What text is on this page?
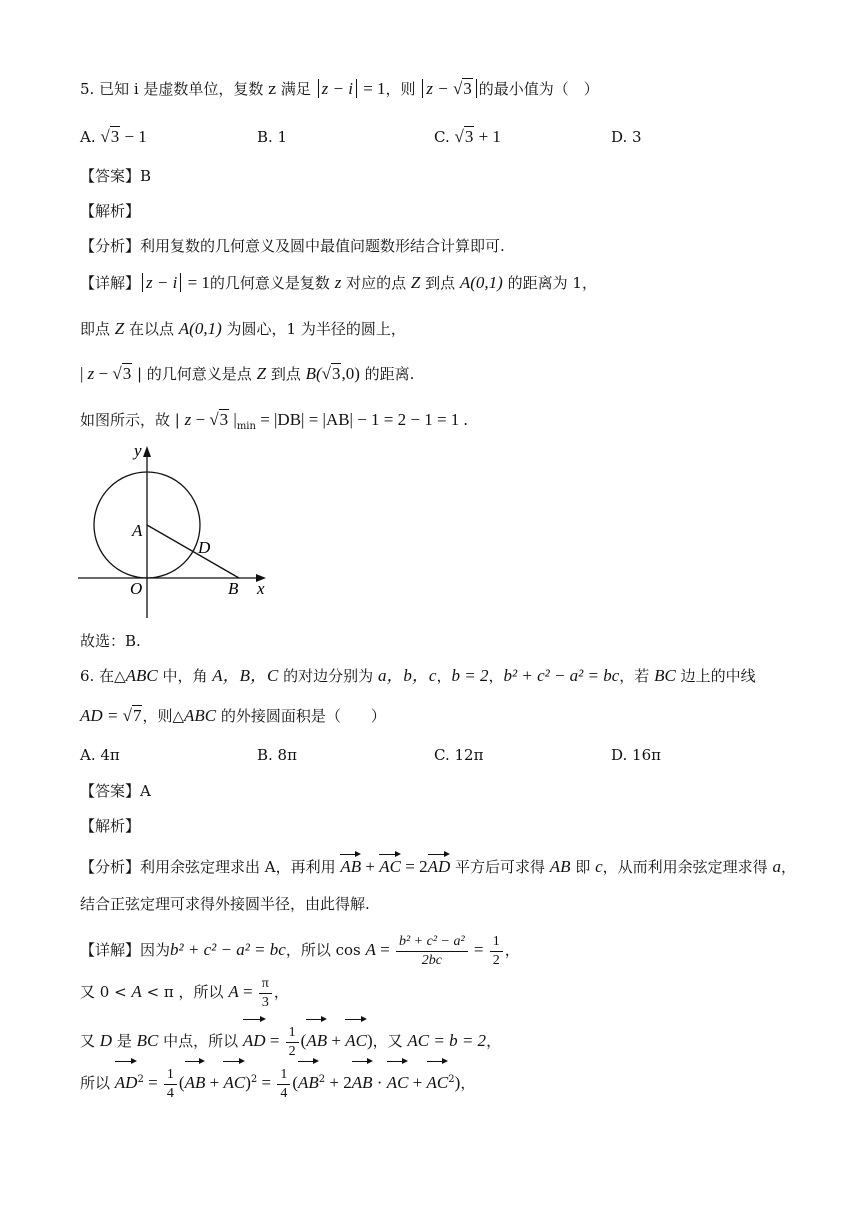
5. 已知 i 是虚数单位，复数 z 满足 z − i = 1，则 z − √3 的最小值为（　）
A. √3 − 1	B. 1	C. √3 + 1	D. 3
【答案】B
【解析】
【分析】利用复数的几何意义及圆中最值问题数形结合计算即可.
【详解】 z − i = 1的几何意义是复数 z 对应的点 Z 到点 A(0,1) 的距离为 1，
即点 Z 在以点 A(0,1) 为圆心，1 为半径的圆上，
| z − √3 | 的几何意义是点 Z 到点 B(√3,0) 的距离.
如图所示，故 | z − √3 $|_{min} = |DB| = |AB| - 1 = 2 - 1 = 1$ .
y
x
A
D
O	B
故选：B.
6. 在△ABC 中，角 A，B，C 的对边分别为 a，b，c，b = 2，b² + c² − a² = bc，若 BC 边上的中线
AD = √7，则△ABC 的外接圆面积是（　　）
A. 4π	B. 8π	C. 12π	D. 16π
【答案】A
【解析】
【分析】利用余弦定理求出 A，再利用 AB + AC = 2AD 平方后可求得 AB 即 c，从而利用余弦定理求得 a，
结合正弦定理可求得外接圆半径，由此得解.
【详解】因为b² + c² − a² = bc，所以 $\cos A = \frac{\text{b² + c² − a²}}{2bc} = \frac{1}{2}$ ，
又 0 < A < π ，所以 $A = \frac{\pi}{3}$ ，
又 D 是 BC 中点，所以 AD = $\frac{1}{2} (AB + AC)$，又 AC = b = 2，
所以 $AD^2 = \frac{1}{4} (AB + AC)^2 = \frac{1}{4} (AB^2 + 2AB$ · AC + $AC^2$)，
